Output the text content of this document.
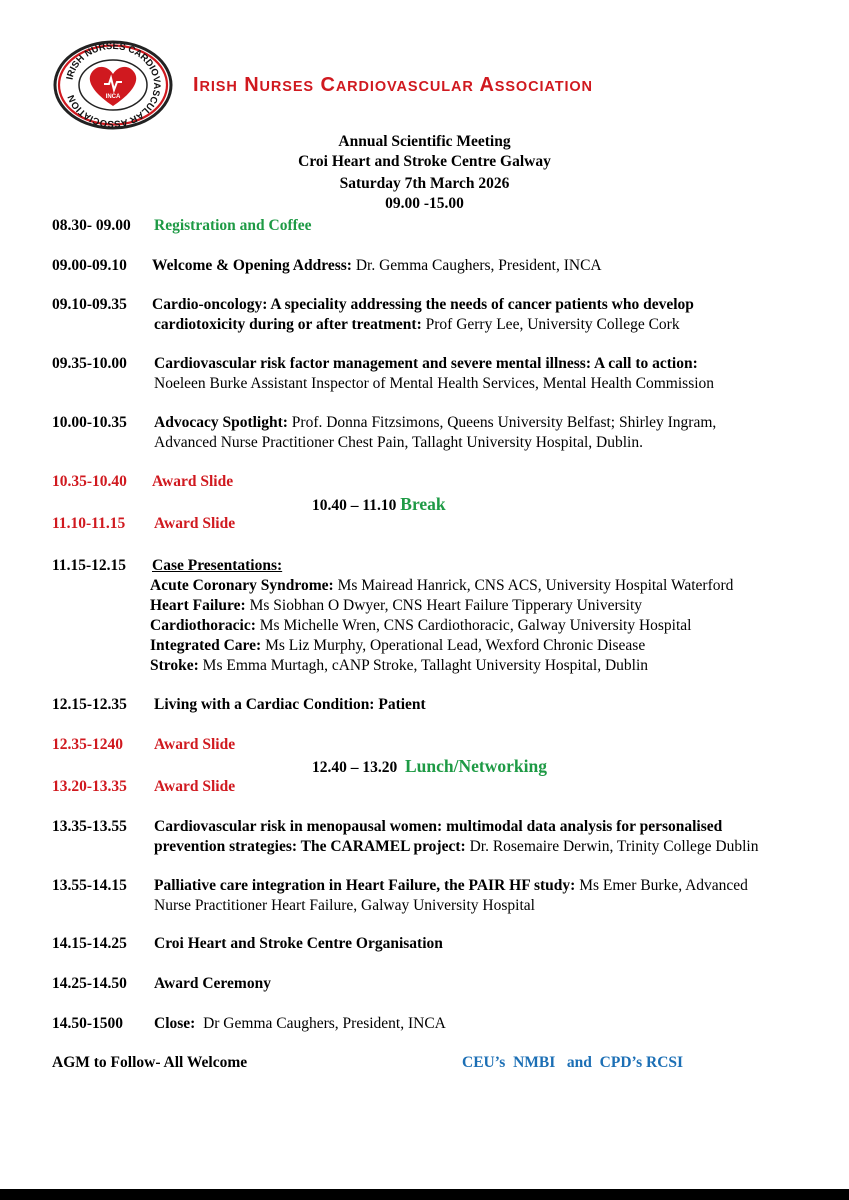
IRISH NURSES CARDIOVASCULAR ASSOCIATION	INCA
IRISH NURSES CARDIOVASCULAR ASSOCIATION
Annual Scientific Meeting
Croi Heart and Stroke Centre Galway
Saturday 7th March 2026
09.00 -15.00
08.30- 09.00 Registration and Coffee
09.00-09.10 Welcome & Opening Address: Dr. Gemma Caughers, President, INCA
09.10-09.35 Cardio-oncology: A speciality addressing the needs of cancer patients who develop
cardiotoxicity during or after treatment: Prof Gerry Lee, University College Cork
09.35-10.00 Cardiovascular risk factor management and severe mental illness: A call to action:
Noeleen Burke Assistant Inspector of Mental Health Services, Mental Health Commission
10.00-10.35 Advocacy Spotlight: Prof. Donna Fitzsimons, Queens University Belfast; Shirley Ingram,
Advanced Nurse Practitioner Chest Pain, Tallaght University Hospital, Dublin.
10.35-10.40 Award Slide
10.40 – 11.10 Break
11.10-11.15 Award Slide
11.15-12.15 Case Presentations:
Acute Coronary Syndrome: Ms Mairead Hanrick, CNS ACS, University Hospital Waterford
Heart Failure: Ms Siobhan O Dwyer, CNS Heart Failure Tipperary University
Cardiothoracic: Ms Michelle Wren, CNS Cardiothoracic, Galway University Hospital
Integrated Care: Ms Liz Murphy, Operational Lead, Wexford Chronic Disease
Stroke: Ms Emma Murtagh, cANP Stroke, Tallaght University Hospital, Dublin
12.15-12.35 Living with a Cardiac Condition: Patient
12.35-1240 Award Slide
12.40 – 13.20 Lunch/Networking
13.20-13.35 Award Slide
13.35-13.55 Cardiovascular risk in menopausal women: multimodal data analysis for personalised
prevention strategies: The CARAMEL project: Dr. Rosemaire Derwin, Trinity College Dublin
13.55-14.15 Palliative care integration in Heart Failure, the PAIR HF study: Ms Emer Burke, Advanced
Nurse Practitioner Heart Failure, Galway University Hospital
14.15-14.25 Croi Heart and Stroke Centre Organisation
14.25-14.50 Award Ceremony
14.50-1500 Close: Dr Gemma Caughers, President, INCA
AGM to Follow- All Welcome	CEU’s  NMBI   and  CPD’s RCSI
